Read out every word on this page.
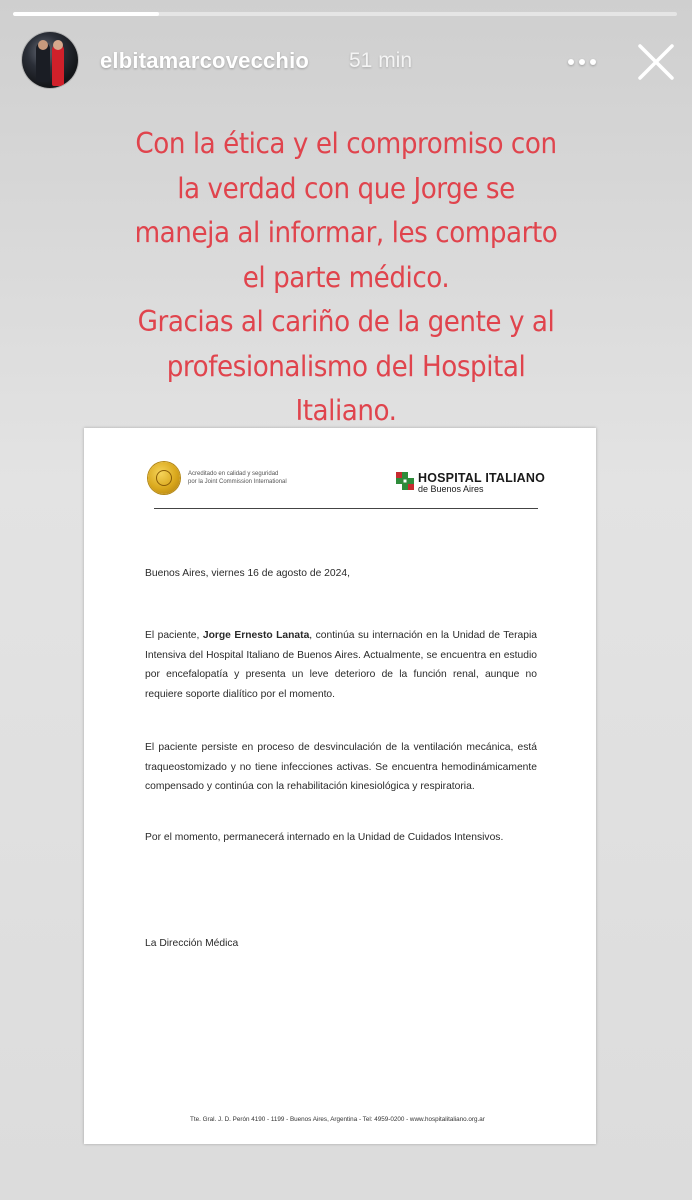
elbitamarcovecchio 51 min
Acreditado en calidad y seguridad
por la Joint Commission International	HOSPITAL ITALIANO
de Buenos Aires
Buenos Aires, viernes 16 de agosto de 2024,
El paciente, Jorge Ernesto Lanata, continúa su internación en la Unidad de Terapia
Intensiva del Hospital Italiano de Buenos Aires. Actualmente, se encuentra en estudio
por encefalopatía y presenta un leve deterioro de la función renal, aunque no
requiere soporte dialítico por el momento.
El paciente persiste en proceso de desvinculación de la ventilación mecánica, está
traqueostomizado y no tiene infecciones activas. Se encuentra hemodinámicamente
compensado y continúa con la rehabilitación kinesiológica y respiratoria.
Por el momento, permanecerá internado en la Unidad de Cuidados Intensivos.
La Dirección Médica
Tte. Gral. J. D. Perón 4190 - 1199 - Buenos Aires, Argentina - Tel: 4959-0200 - www.hospitalitaliano.org.ar
Con la ética y el compromiso con
la verdad con que Jorge se
maneja al informar, les comparto
el parte médico.
Gracias al cariño de la gente y al
profesionalismo del Hospital
Italiano.
